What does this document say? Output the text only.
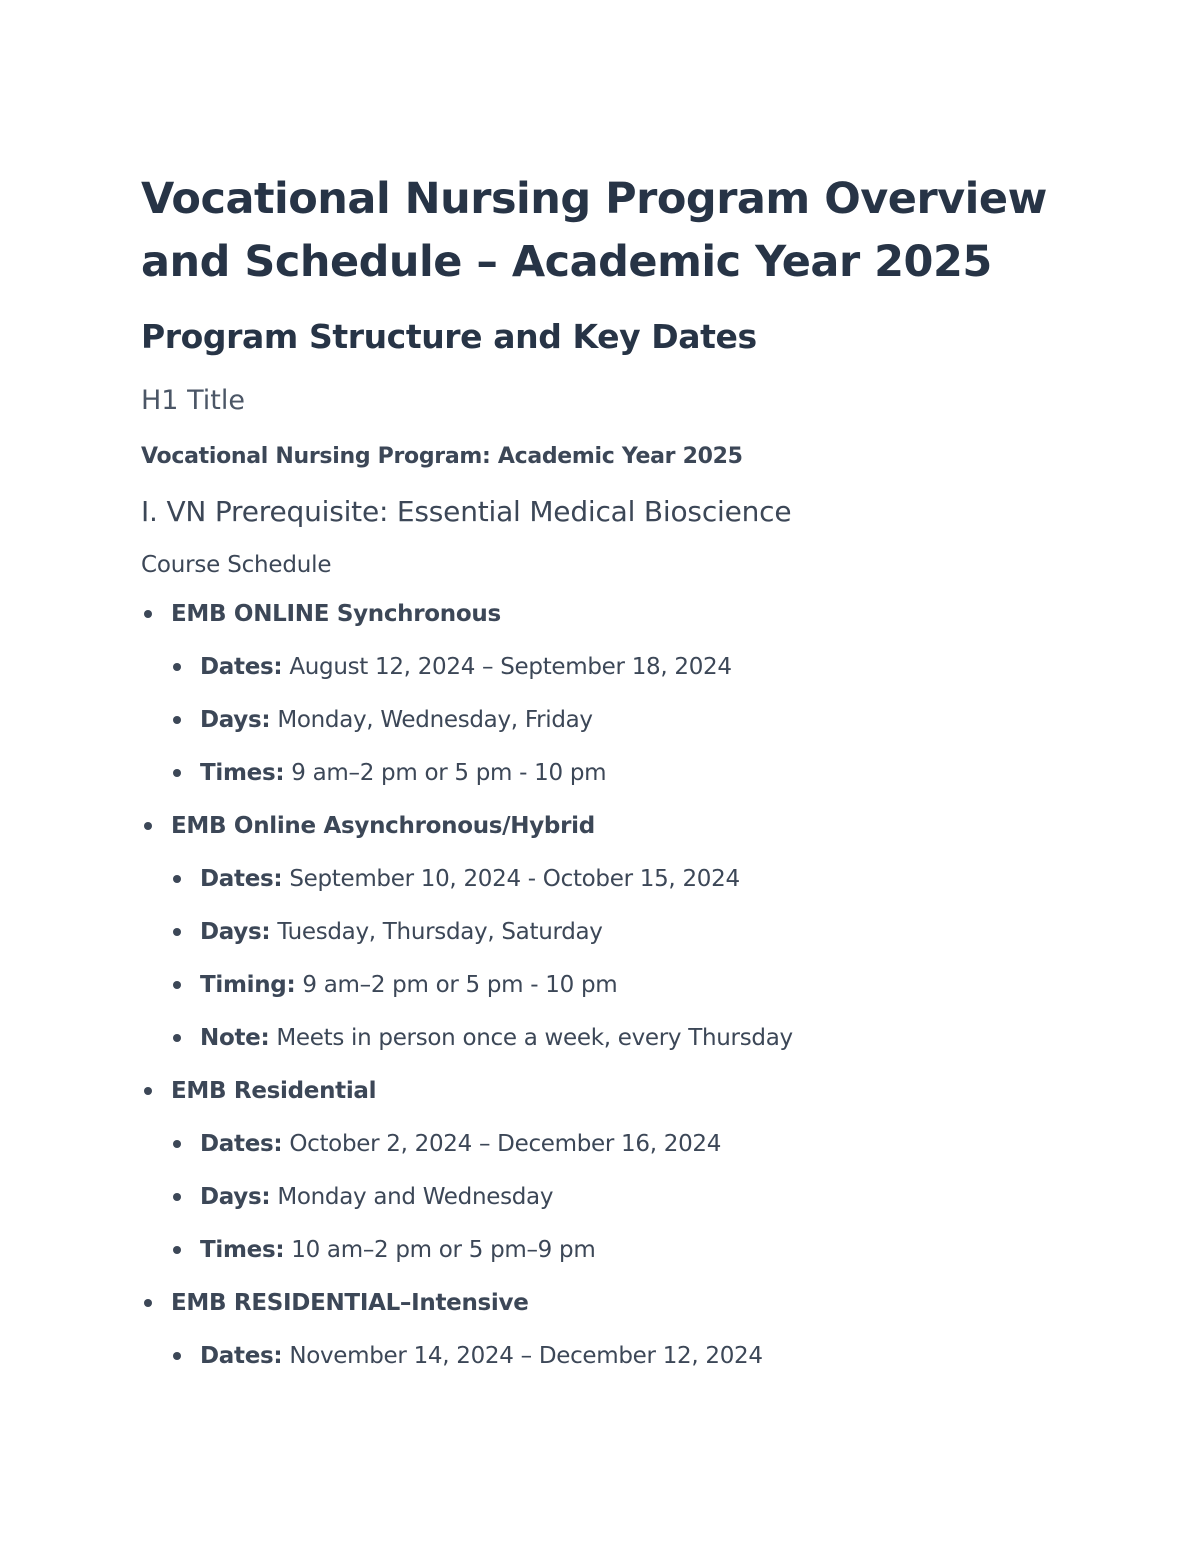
Vocational Nursing Program Overview and Schedule – Academic Year 2025
Program Structure and Key Dates
H1 Title
Vocational Nursing Program: Academic Year 2025
I. VN Prerequisite: Essential Medical Bioscience
Course Schedule
EMB ONLINE Synchronous
Dates: August 12, 2024 – September 18, 2024
Days: Monday, Wednesday, Friday
Times: 9 am–2 pm or 5 pm - 10 pm
EMB Online Asynchronous/Hybrid
Dates: September 10, 2024 - October 15, 2024
Days: Tuesday, Thursday, Saturday
Timing: 9 am–2 pm or 5 pm - 10 pm
Note: Meets in person once a week, every Thursday
EMB Residential
Dates: October 2, 2024 – December 16, 2024
Days: Monday and Wednesday
Times: 10 am–2 pm or 5 pm–9 pm
EMB RESIDENTIAL–Intensive
Dates: November 14, 2024 – December 12, 2024
